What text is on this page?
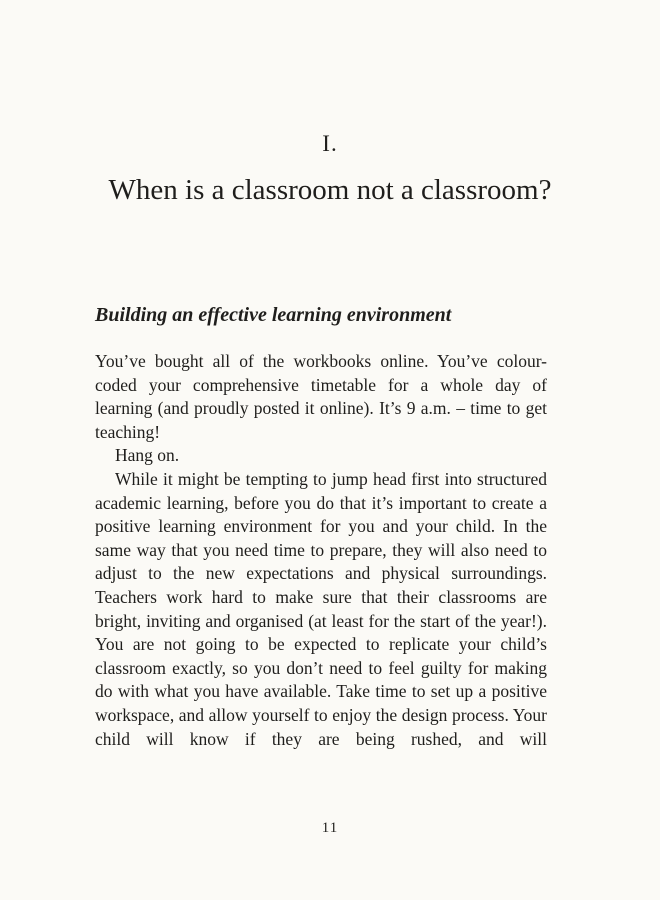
I.
When is a classroom not a classroom?
Building an effective learning environment

You’ve bought all of the workbooks online. You’ve colour-coded your comprehensive timetable for a whole day of learning (and proudly posted it online). It’s 9 a.m. – time to get teaching!

Hang on.

While it might be tempting to jump head first into structured academic learning, before you do that it’s important to create a positive learning environment for you and your child. In the same way that you need time to prepare, they will also need to adjust to the new expectations and physical surroundings. Teachers work hard to make sure that their classrooms are bright, inviting and organised (at least for the start of the year!). You are not going to be expected to replicate your child’s classroom exactly, so you don’t need to feel guilty for making do with what you have available. Take time to set up a positive workspace, and allow yourself to enjoy the design process. Your child will know if they are being rushed, and will

11
